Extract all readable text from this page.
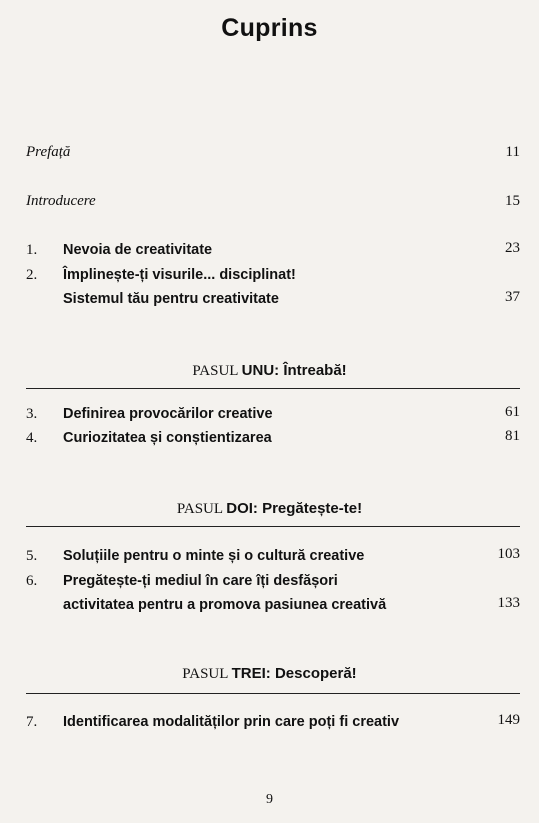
Cuprins
Prefață	11
Introducere	15
1. Nevoia de creativitate	23
2. Împlinește-ți visurile... disciplinat!
Sistemul tău pentru creativitate	37
PASUL UNU: Întreabă!
3. Definirea provocărilor creative	61
4. Curiozitatea și conștientizarea	81
PASUL DOI: Pregătește-te!
5. Soluțiile pentru o minte și o cultură creative	103
6. Pregătește-ți mediul în care îți desfășori
activitatea pentru a promova pasiunea creativă	133
PASUL TREI: Descoperă!
7. Identificarea modalităților prin care poți fi creativ	149
9
